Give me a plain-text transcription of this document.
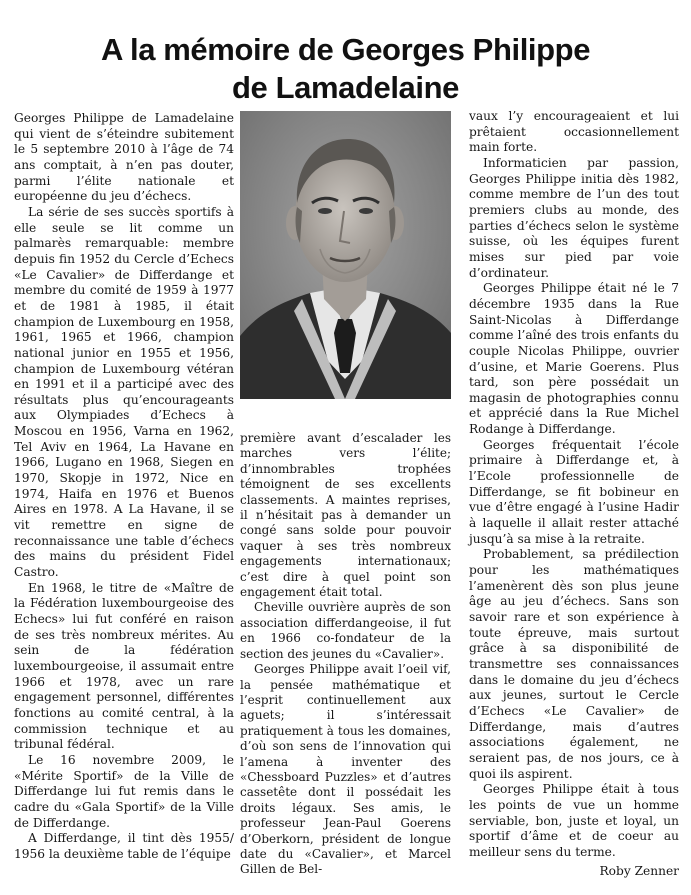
A la mémoire de Georges Philippe
de Lamadelaine

Georges Philippe de Lamadelaine qui vient de s’éteindre subitement le 5 septembre 2010 à l’âge de 74 ans comptait, à n’en pas douter, parmi l’élite nationale et européenne du jeu d’échecs.

La série de ses succès sportifs à elle seule se lit comme un palmarès remarquable: membre depuis fin 1952 du Cercle d’Echecs «Le Cavalier» de Differdange et membre du comité de 1959 à 1977 et de 1981 à 1985, il était champion de Luxembourg en 1958, 1961, 1965 et 1966, champion national junior en 1955 et 1956, champion de Luxembourg vétéran en 1991 et il a participé avec des résultats plus qu’encourageants aux Olympiades d’Echecs à Moscou en 1956, Varna en 1962, Tel Aviv en 1964, La Havane en 1966, Lugano en 1968, Siegen en 1970, Skopje in 1972, Nice en 1974, Haifa en 1976 et Buenos Aires en 1978. A La Havane, il se vit remettre en signe de reconnaissance une table d’échecs des mains du président Fidel Castro.

En 1968, le titre de «Maître de la Fédération luxembourgeoise des Echecs» lui fut conféré en raison de ses très nombreux mérites. Au sein de la fédération luxembourgeoise, il assumait entre 1966 et 1978, avec un rare engagement personnel, différentes fonctions au comité central, à la commission technique et au tribunal fédéral.

Le 16 novembre 2009, le «Mérite Sportif» de la Ville de Differdange lui fut remis dans le cadre du «Gala Sportif» de la Ville de Differdange.

A Differdange, il tint dès 1955/ 1956 la deuxième table de l’équipe

première avant d’escalader les marches vers l’élite; d’innombrables trophées témoignent de ses excellents classements. A maintes reprises, il n’hésitait pas à demander un congé sans solde pour pouvoir vaquer à ses très nombreux engagements internationaux; c’est dire à quel point son engagement était total.

Cheville ouvrière auprès de son association differdangeoise, il fut en 1966 co-fondateur de la section des jeunes du «Cavalier».

Georges Philippe avait l’oeil vif, la pensée mathématique et l’esprit continuellement aux aguets; il s’intéressait pratiquement à tous les domaines, d’où son sens de l’innovation qui l’amena à inventer des «Chessboard Puzzles» et d’autres cassetête dont il possédait les droits légaux. Ses amis, le professeur Jean-Paul Goerens d’Oberkorn, président de longue date du «Cavalier», et Marcel Gillen de Bel-

vaux l’y encourageaient et lui prêtaient occasionnellement main forte.

Informaticien par passion, Georges Philippe initia dès 1982, comme membre de l’un des tout premiers clubs au monde, des parties d’échecs selon le système suisse, où les équipes furent mises sur pied par voie d’ordinateur.

Georges Philippe était né le 7 décembre 1935 dans la Rue Saint-Nicolas à Differdange comme l’aîné des trois enfants du couple Nicolas Philippe, ouvrier d’usine, et Marie Goerens. Plus tard, son père possédait un magasin de photographies connu et apprécié dans la Rue Michel Rodange à Differdange.

Georges fréquentait l’école primaire à Differdange et, à l’Ecole professionnelle de Differdange, se fit bobineur en vue d’être engagé à l’usine Hadir à laquelle il allait rester attaché jusqu’à sa mise à la retraite.

Probablement, sa prédilection pour les mathématiques l’amenèrent dès son plus jeune âge au jeu d’échecs. Sans son savoir rare et son expérience à toute épreuve, mais surtout grâce à sa disponibilité de transmettre ses connaissances dans le domaine du jeu d’échecs aux jeunes, surtout le Cercle d’Echecs «Le Cavalier» de Differdange, mais d’autres associations également, ne seraient pas, de nos jours, ce à quoi ils aspirent.

Georges Philippe était à tous les points de vue un homme serviable, bon, juste et loyal, un sportif d’âme et de coeur au meilleur sens du terme.

Roby Zenner
